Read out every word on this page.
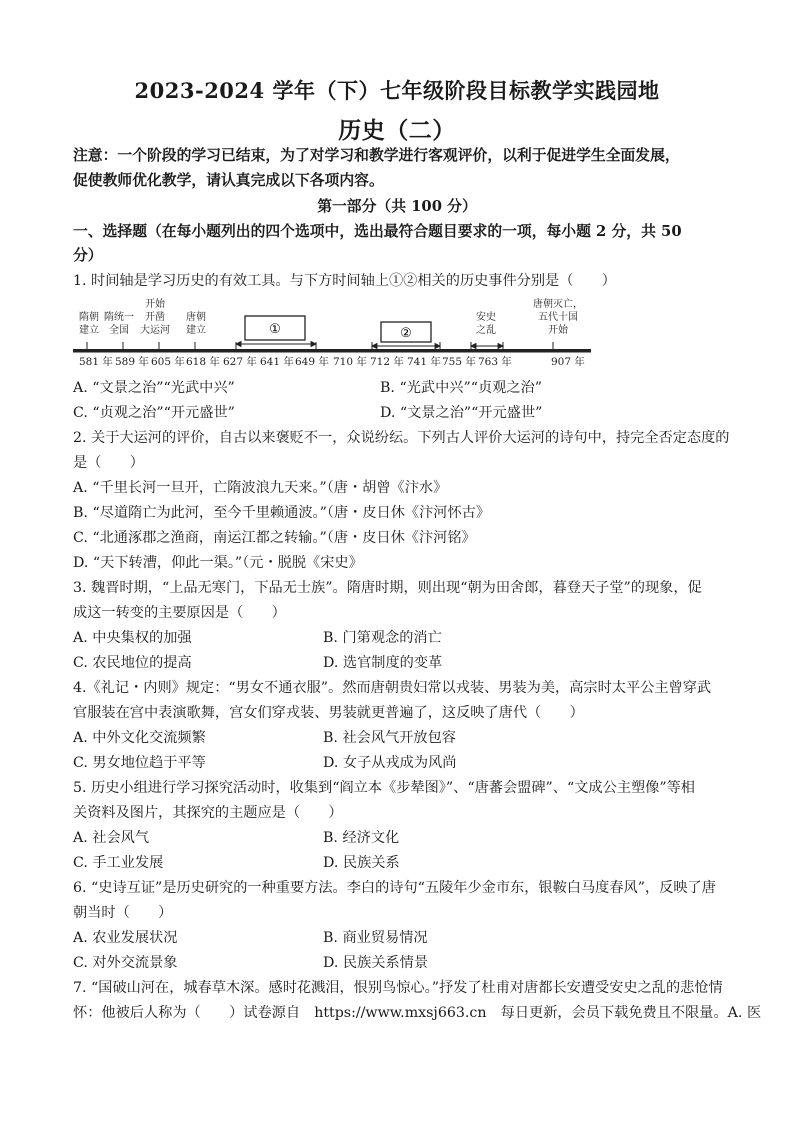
2023-2024 学年（下）七年级阶段目标教学实践园地
历史（二）
注意：一个阶段的学习已结束，为了对学习和教学进行客观评价，以利于促进学生全面发展，
促使教师优化教学，请认真完成以下各项内容。
第一部分（共 100 分）
一、选择题（在每小题列出的四个选项中，选出最符合题目要求的一项，每小题 2 分，共 50
分）
1. 时间轴是学习历史的有效工具。与下方时间轴上①②相关的历史事件分别是（　　）
隋朝
建立
隋统一
全国
开始
开凿
大运河
唐朝
建立
安史
之乱
唐朝灭亡，
五代十国
开始
①	②
581 年 589 年 605 年 618 年 627 年 641 年 649 年 710 年 712 年 741 年 755 年 763 年	907 年
A. “文景之治”“光武中兴”	B. “光武中兴”“贞观之治”
C. “贞观之治”“开元盛世”	D. “文景之治”“开元盛世”
2. 关于大运河的评价，自古以来褒贬不一，众说纷纭。下列古人评价大运河的诗句中，持完全否定态度的
是（　　）
A. “千里长河一旦开，亡隋波浪九天来。”（唐・胡曾《汴水》
B. “尽道隋亡为此河，至今千里赖通波。”（唐・皮日休《汴河怀古》
C. “北通涿郡之渔商，南运江都之转输。”（唐・皮日休《汴河铭》
D. “天下转漕，仰此一渠。”（元・脱脱《宋史》
3. 魏晋时期，“上品无寒门，下品无士族”。隋唐时期，则出现“朝为田舍郎，暮登天子堂”的现象，促
成这一转变的主要原因是（　　）
A. 中央集权的加强	B. 门第观念的消亡
C. 农民地位的提高	D. 选官制度的变革
4.《礼记・内则》规定：“男女不通衣服”。然而唐朝贵妇常以戎装、男装为美，高宗时太平公主曾穿武
官服装在宫中表演歌舞，宫女们穿戎装、男装就更普遍了，这反映了唐代（　　）
A. 中外文化交流频繁	B. 社会风气开放包容
C. 男女地位趋于平等	D. 女子从戎成为风尚
5. 历史小组进行学习探究活动时，收集到“阎立本《步辇图》”、“唐蕃会盟碑”、“文成公主塑像”等相
关资料及图片，其探究的主题应是（　　）
A. 社会风气	B. 经济文化
C. 手工业发展	D. 民族关系
6. “史诗互证”是历史研究的一种重要方法。李白的诗句“五陵年少金市东，银鞍白马度春风”，反映了唐
朝当时（　　）
A. 农业发展状况	B. 商业贸易情况
C. 对外交流景象	D. 民族关系情景
7. “国破山河在，城春草木深。感时花溅泪，恨别鸟惊心。”抒发了杜甫对唐都长安遭受安史之乱的悲怆情
怀：他被后人称为（　　）试卷源自　https://www.mxsj663.cn　每日更新，会员下载免费且不限量。A. 医
